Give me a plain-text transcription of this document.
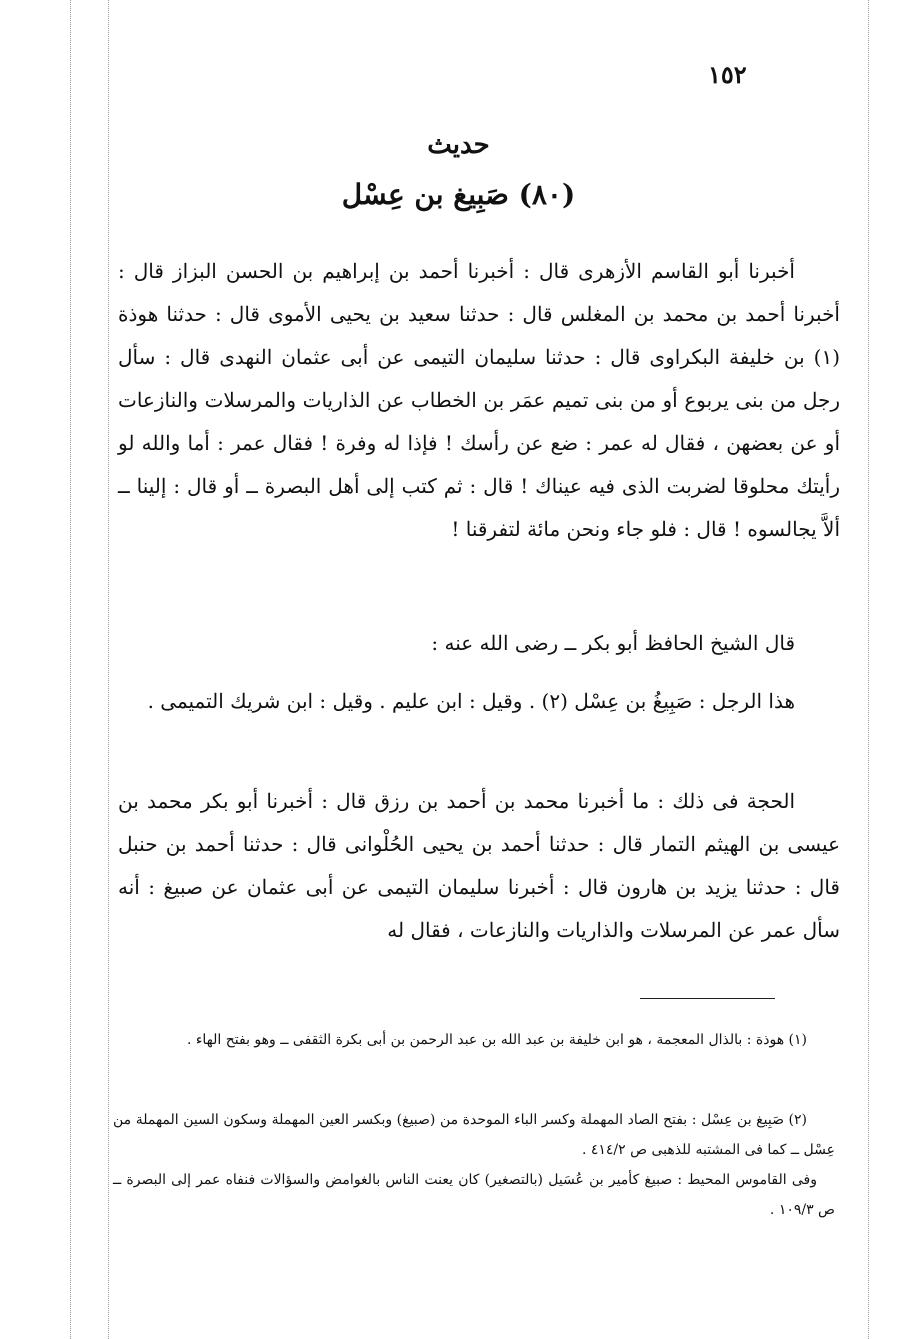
١٥٢
حديث
(٨٠) صَبِيغ بن عِسْل
أخبرنا أبو القاسم الأزهرى قال : أخبرنا أحمد بن إبراهيم بن الحسن البزاز قال : أخبرنا أحمد بن محمد بن المغلس قال : حدثنا سعيد بن يحيى الأموى قال : حدثنا هوذة (١) بن خليفة البكراوى قال : حدثنا سليمان التيمى عن أبى عثمان النهدى قال : سأل رجل من بنى يربوع أو من بنى تميم عمَر بن الخطاب عن الذاريات والمرسلات والنازعات أو عن بعضهن ، فقال له عمر : ضع عن رأسك ! فإذا له وفرة ! فقال عمر : أما والله لو رأيتك محلوقا لضربت الذى فيه عيناك ! قال : ثم كتب إلى أهل البصرة ــ أو قال : إلينا ــ ألاَّ يجالسوه ! قال : فلو جاء ونحن مائة لتفرقنا !
قال الشيخ الحافظ أبو بكر ــ رضى الله عنه :
هذا الرجل : صَبِيغُ بن عِسْل (٢) . وقيل : ابن عليم . وقيل : ابن شريك التميمى .
الحجة فى ذلك : ما أخبرنا محمد بن أحمد بن رزق قال : أخبرنا أبو بكر محمد بن عيسى بن الهيثم التمار قال : حدثنا أحمد بن يحيى الحُلْوانى قال : حدثنا أحمد بن حنبل قال : حدثنا يزيد بن هارون قال : أخبرنا سليمان التيمى عن أبى عثمان عن صبيغ : أنه سأل عمر عن المرسلات والذاريات والنازعات ، فقال له
(١) هوذة : بالذال المعجمة ، هو ابن خليفة بن عبد الله بن عبد الرحمن بن أبى بكرة الثقفى ــ وهو بفتح الهاء .
(٢) صَبِيغ بن عِسْل : بفتح الصاد المهملة وكسر الباء الموحدة من (صبيغ) وبكسر العين المهملة وسكون السين المهملة من عِسْل ــ كما فى المشتبه للذهبى ص ٤١٤/٢ .
وفى القاموس المحيط : صبيغ كأمير بن عُسَيل (بالتصغير) كان يعنت الناس بالغوامض والسؤالات فنفاه عمر إلى البصرة ــ ص ١٠٩/٣ .
